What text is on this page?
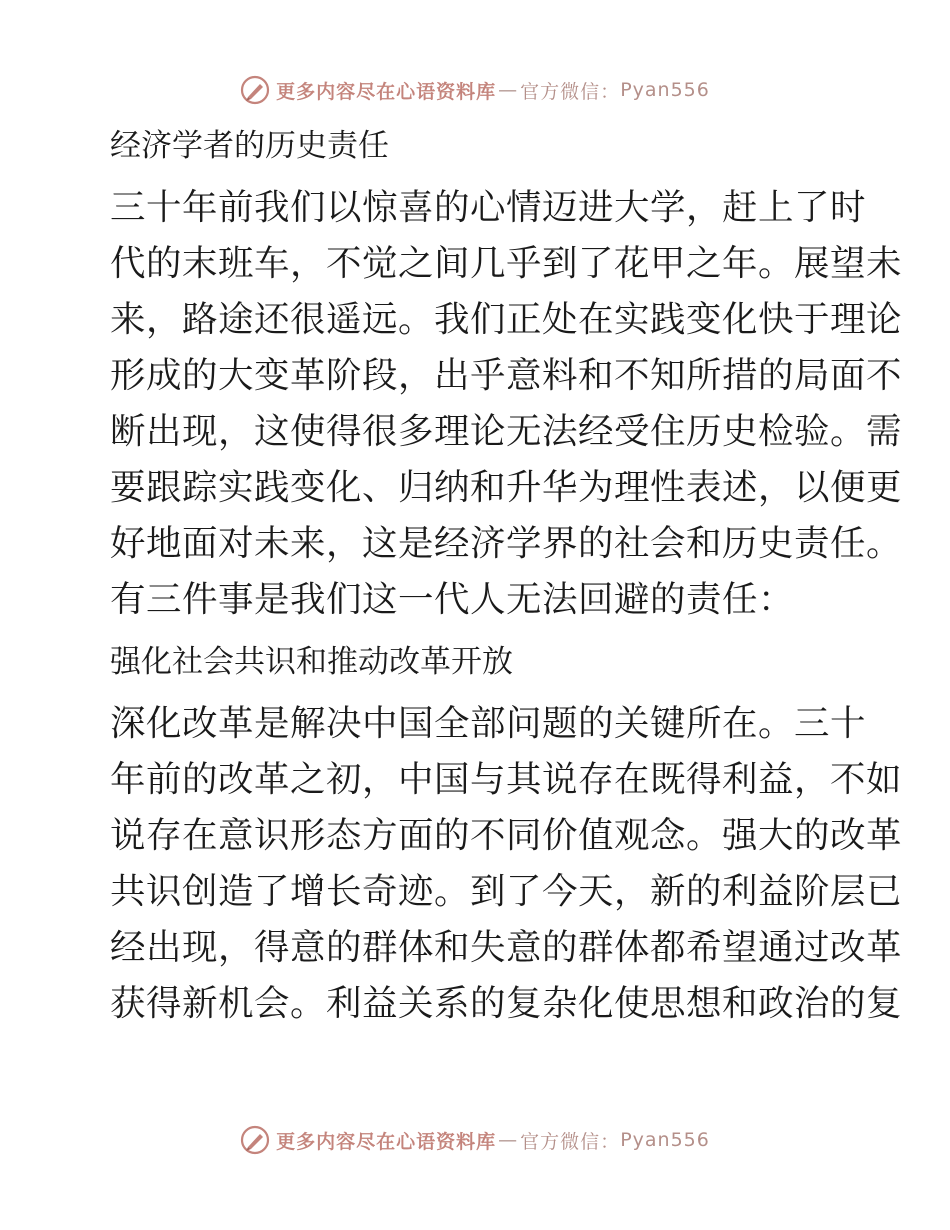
更多内容尽在心语资料库 — 官方微信： Pyan556
经济学者的历史责任
三十年前我们以惊喜的心情迈进大学，赶上了时
代的末班车，不觉之间几乎到了花甲之年。展望未
来，路途还很遥远。我们正处在实践变化快于理论
形成的大变革阶段，出乎意料和不知所措的局面不
断出现，这使得很多理论无法经受住历史检验。需
要跟踪实践变化、归纳和升华为理性表述，以便更
好地面对未来，这是经济学界的社会和历史责任。
有三件事是我们这一代人无法回避的责任：
强化社会共识和推动改革开放
深化改革是解决中国全部问题的关键所在。三十
年前的改革之初，中国与其说存在既得利益，不如
说存在意识形态方面的不同价值观念。强大的改革
共识创造了增长奇迹。到了今天，新的利益阶层已
经出现，得意的群体和失意的群体都希望通过改革
获得新机会。利益关系的复杂化使思想和政治的复
更多内容尽在心语资料库 — 官方微信： Pyan556
